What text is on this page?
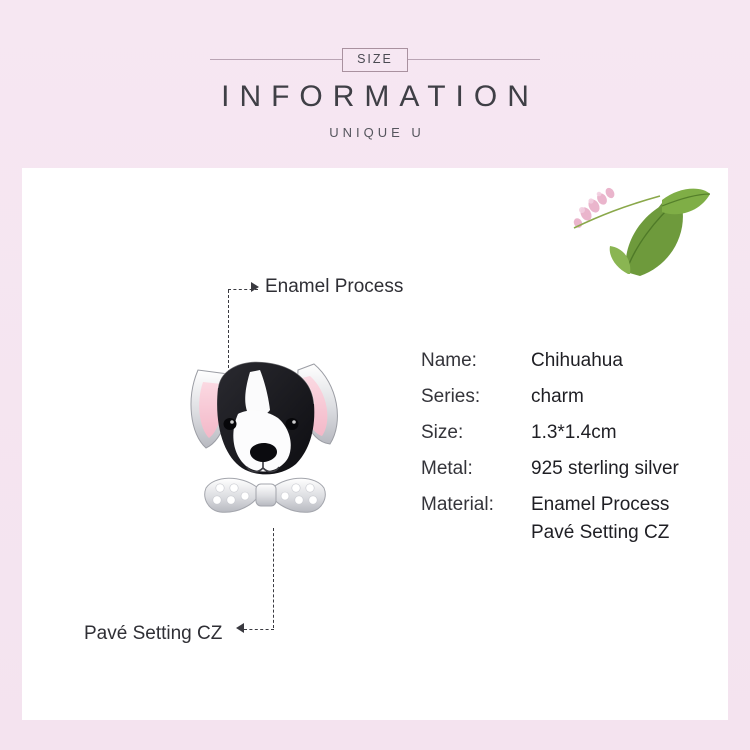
SIZE
INFORMATION
UNIQUE U
Enamel Process
Pavé Setting CZ
Name:	Chihuahua
Series:	charm
Size:	1.3*1.4cm
Metal:	925 sterling silver
Material:	Enamel Process
Pavé Setting CZ
